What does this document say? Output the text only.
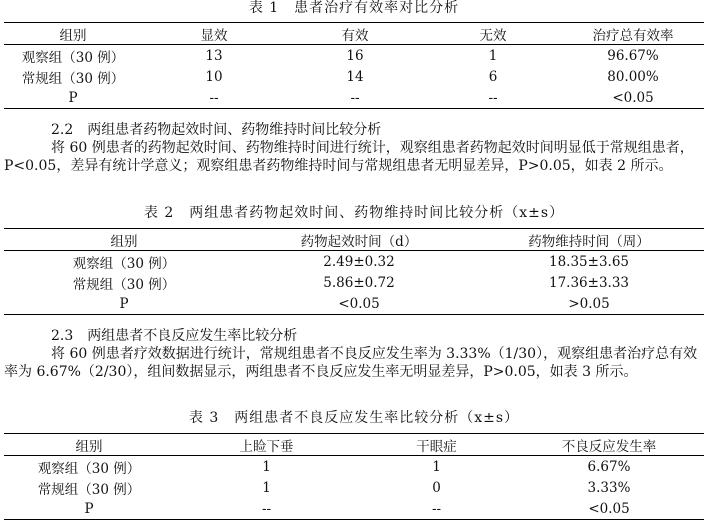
表 1　患者治疗有效率对比分析
组别	显效	有效	无效	治疗总有效率
观察组（30 例）	13	16	1	96.67%
常规组（30 例）	10	14	6	80.00%
P	--	--	--	<0.05

2.2　两组患者药物起效时间、药物维持时间比较分析

将 60 例患者的药物起效时间、药物维持时间进行统计，观察组患者药物起效时间明显低于常规组患者，P<0.05，差异有统计学意义；观察组患者药物维持时间与常规组患者无明显差异，P>0.05，如表 2 所示。

表 2　两组患者药物起效时间、药物维持时间比较分析（x±s）
组别	药物起效时间（d）	药物维持时间（周）
观察组（30 例）	2.49±0.32	18.35±3.65
常规组（30 例）	5.86±0.72	17.36±3.33
P	<0.05	>0.05

2.3　两组患者不良反应发生率比较分析

将 60 例患者疗效数据进行统计，常规组患者不良反应发生率为 3.33%（1/30），观察组患者治疗总有效率为 6.67%（2/30），组间数据显示，两组患者不良反应发生率无明显差异，P>0.05，如表 3 所示。

表 3　两组患者不良反应发生率比较分析（x±s）
组别	上睑下垂	干眼症	不良反应发生率
观察组（30 例）	1	1	6.67%
常规组（30 例）	1	0	3.33%
P	--	--	<0.05
